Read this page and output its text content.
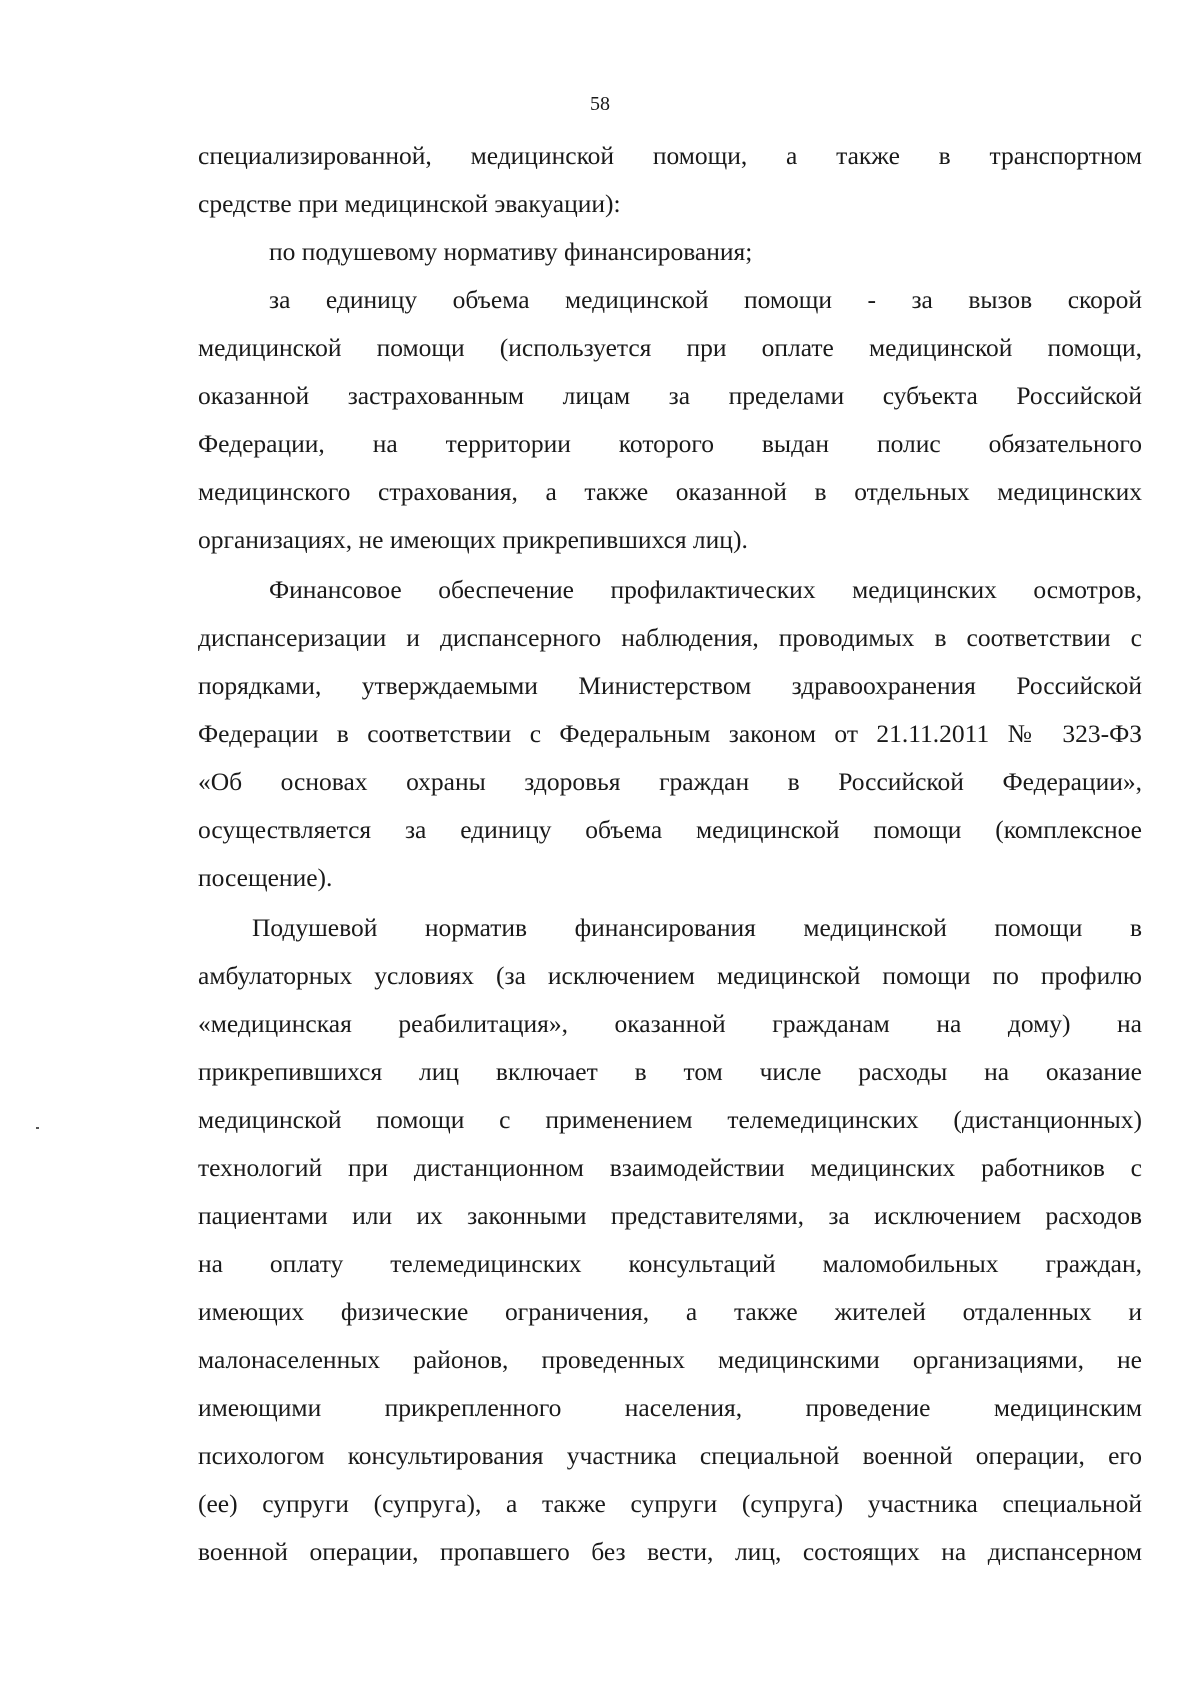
58
специализированной, медицинской помощи, а также в транспортном
средстве при медицинской эвакуации):
по подушевому нормативу финансирования;
за единицу объема медицинской помощи - за вызов скорой
медицинской помощи (используется при оплате медицинской помощи,
оказанной застрахованным лицам за пределами субъекта Российской
Федерации, на территории которого выдан полис обязательного
медицинского страхования, а также оказанной в отдельных медицинских
организациях, не имеющих прикрепившихся лиц).
Финансовое обеспечение профилактических медицинских осмотров,
диспансеризации и диспансерного наблюдения, проводимых в соответствии с
порядками, утверждаемыми Министерством здравоохранения Российской
Федерации в соответствии с Федеральным законом от 21.11.2011 № 323-ФЗ
«Об основах охраны здоровья граждан в Российской Федерации»,
осуществляется за единицу объема медицинской помощи (комплексное
посещение).
Подушевой норматив финансирования медицинской помощи в
амбулаторных условиях (за исключением медицинской помощи по профилю
«медицинская реабилитация», оказанной гражданам на дому) на
прикрепившихся лиц включает в том числе расходы на оказание
медицинской помощи с применением телемедицинских (дистанционных)
технологий при дистанционном взаимодействии медицинских работников с
пациентами или их законными представителями, за исключением расходов
на оплату телемедицинских консультаций маломобильных граждан,
имеющих физические ограничения, а также жителей отдаленных и
малонаселенных районов, проведенных медицинскими организациями, не
имеющими прикрепленного населения, проведение медицинским
психологом консультирования участника специальной военной операции, его
(ее) супруги (супруга), а также супруги (супруга) участника специальной
военной операции, пропавшего без вести, лиц, состоящих на диспансерном
